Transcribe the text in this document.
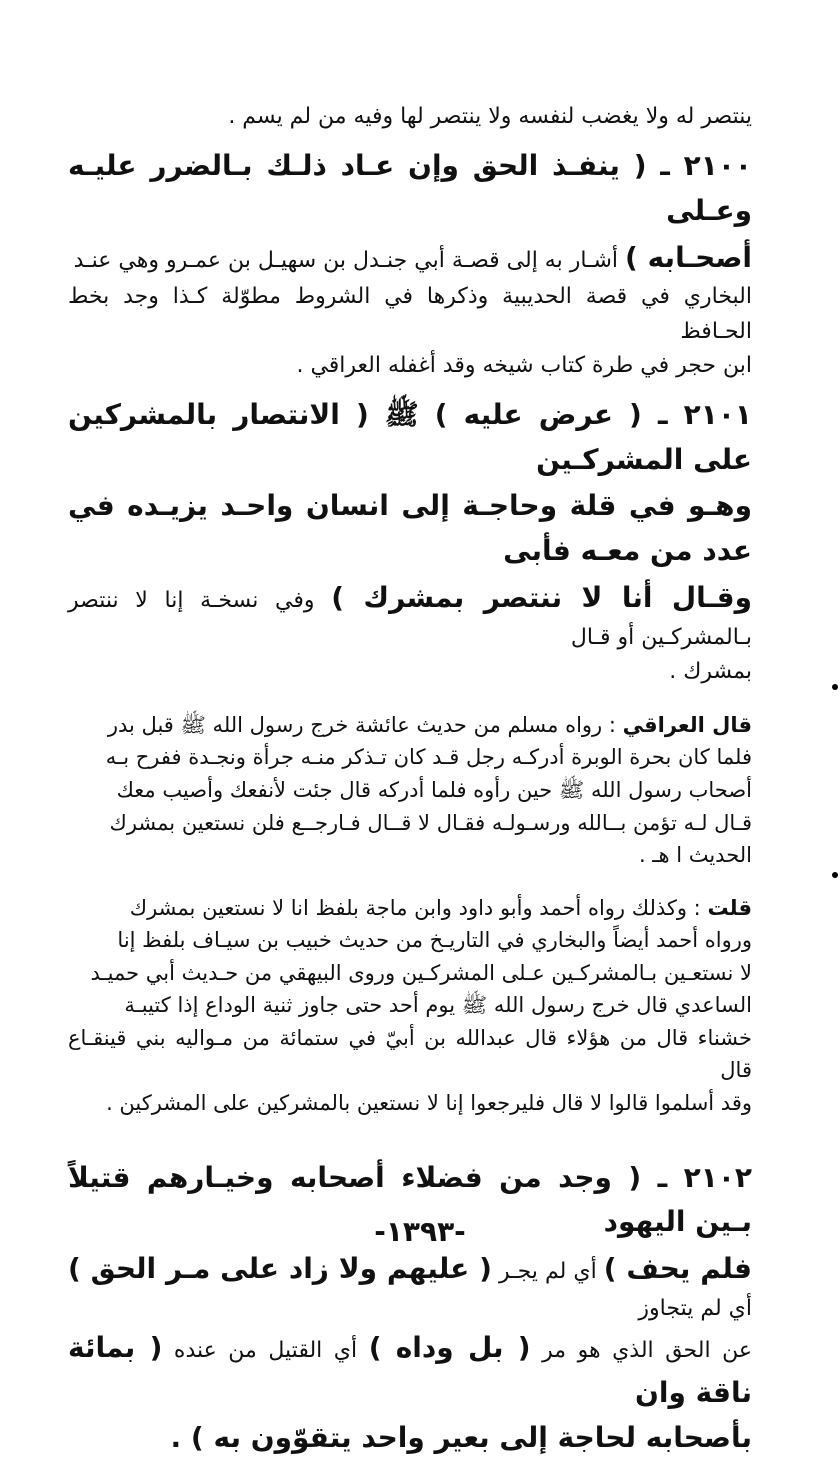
ينتصر له ولا يغضب لنفسه ولا ينتصر لها وفيه من لم يسم .
٢١٠٠ ـ ( ينفـذ الحق وإن عـاد ذلـك بـالضرر عليـه وعـلى
أصحـابه ) أشـار به إلى قصـة أبي جنـدل بن سهيـل بن عمـرو وهي عنـد
البخاري في قصة الحديبية وذكرها في الشروط مطوّلة كـذا وجد بخط الحـافظ
ابن حجر في طرة كتاب شيخه وقد أغفله العراقي .
٢١٠١ ـ ( عرض عليه ) ﷺ ( الانتصار بالمشركين على المشركـين
وهـو في قلة وحاجـة إلى انسان واحـد يزيـده في عدد من معـه فأبى
وقـال أنا لا ننتصر بمشرك ) وفي نسخـة إنا لا ننتصر بـالمشركـين أو قـال
بمشرك .
قال العراقي : رواه مسلم من حديث عائشة خرج رسول الله ﷺ قبل بدر
فلما كان بحرة الوبرة أدركـه رجل قـد كان تـذكر منـه جرأة ونجـدة ففرح بـه
أصحاب رسول الله ﷺ حين رأوه فلما أدركه قال جئت لأنفعك وأصيب معك
قـال لـه تؤمن بــالله ورسـولـه فقـال لا قــال فـارجــع فلن نستعين بمشرك
الحديث ا هـ .
قلت : وكذلك رواه أحمد وأبو داود وابن ماجة بلفظ انا لا نستعين بمشرك
ورواه أحمد أيضاً والبخاري في التاريـخ من حديث خبيب بن سيـاف بلفظ إنا
لا نستعـين بـالمشركـين عـلى المشركـين وروى البيهقي من حـديث أبي حميـد
الساعدي قال خرج رسول الله ﷺ يوم أحد حتى جاوز ثنية الوداع إذا كتيبـة
خشناء قال من هؤلاء قال عبدالله بن أبيّ في ستمائة من مـواليه بني قينقـاع قال
وقد أسلموا قالوا لا قال فليرجعوا إنا لا نستعين بالمشركين على المشركين .
٢١٠٢ ـ ( وجد من فضلاء أصحابه وخيـارهم قتيلاً بـين اليهود
فلم يحف ) أي لم يجـر ( عليهم ولا زاد على مـر الحق ) أي لم يتجاوز
عن الحق الذي هو مر ( بل وداه ) أي القتيل من عنده ( بمائة ناقة وان
بأصحابه لحاجة إلى بعير واحد يتقوّون به ) .
-١٣٩٣-
